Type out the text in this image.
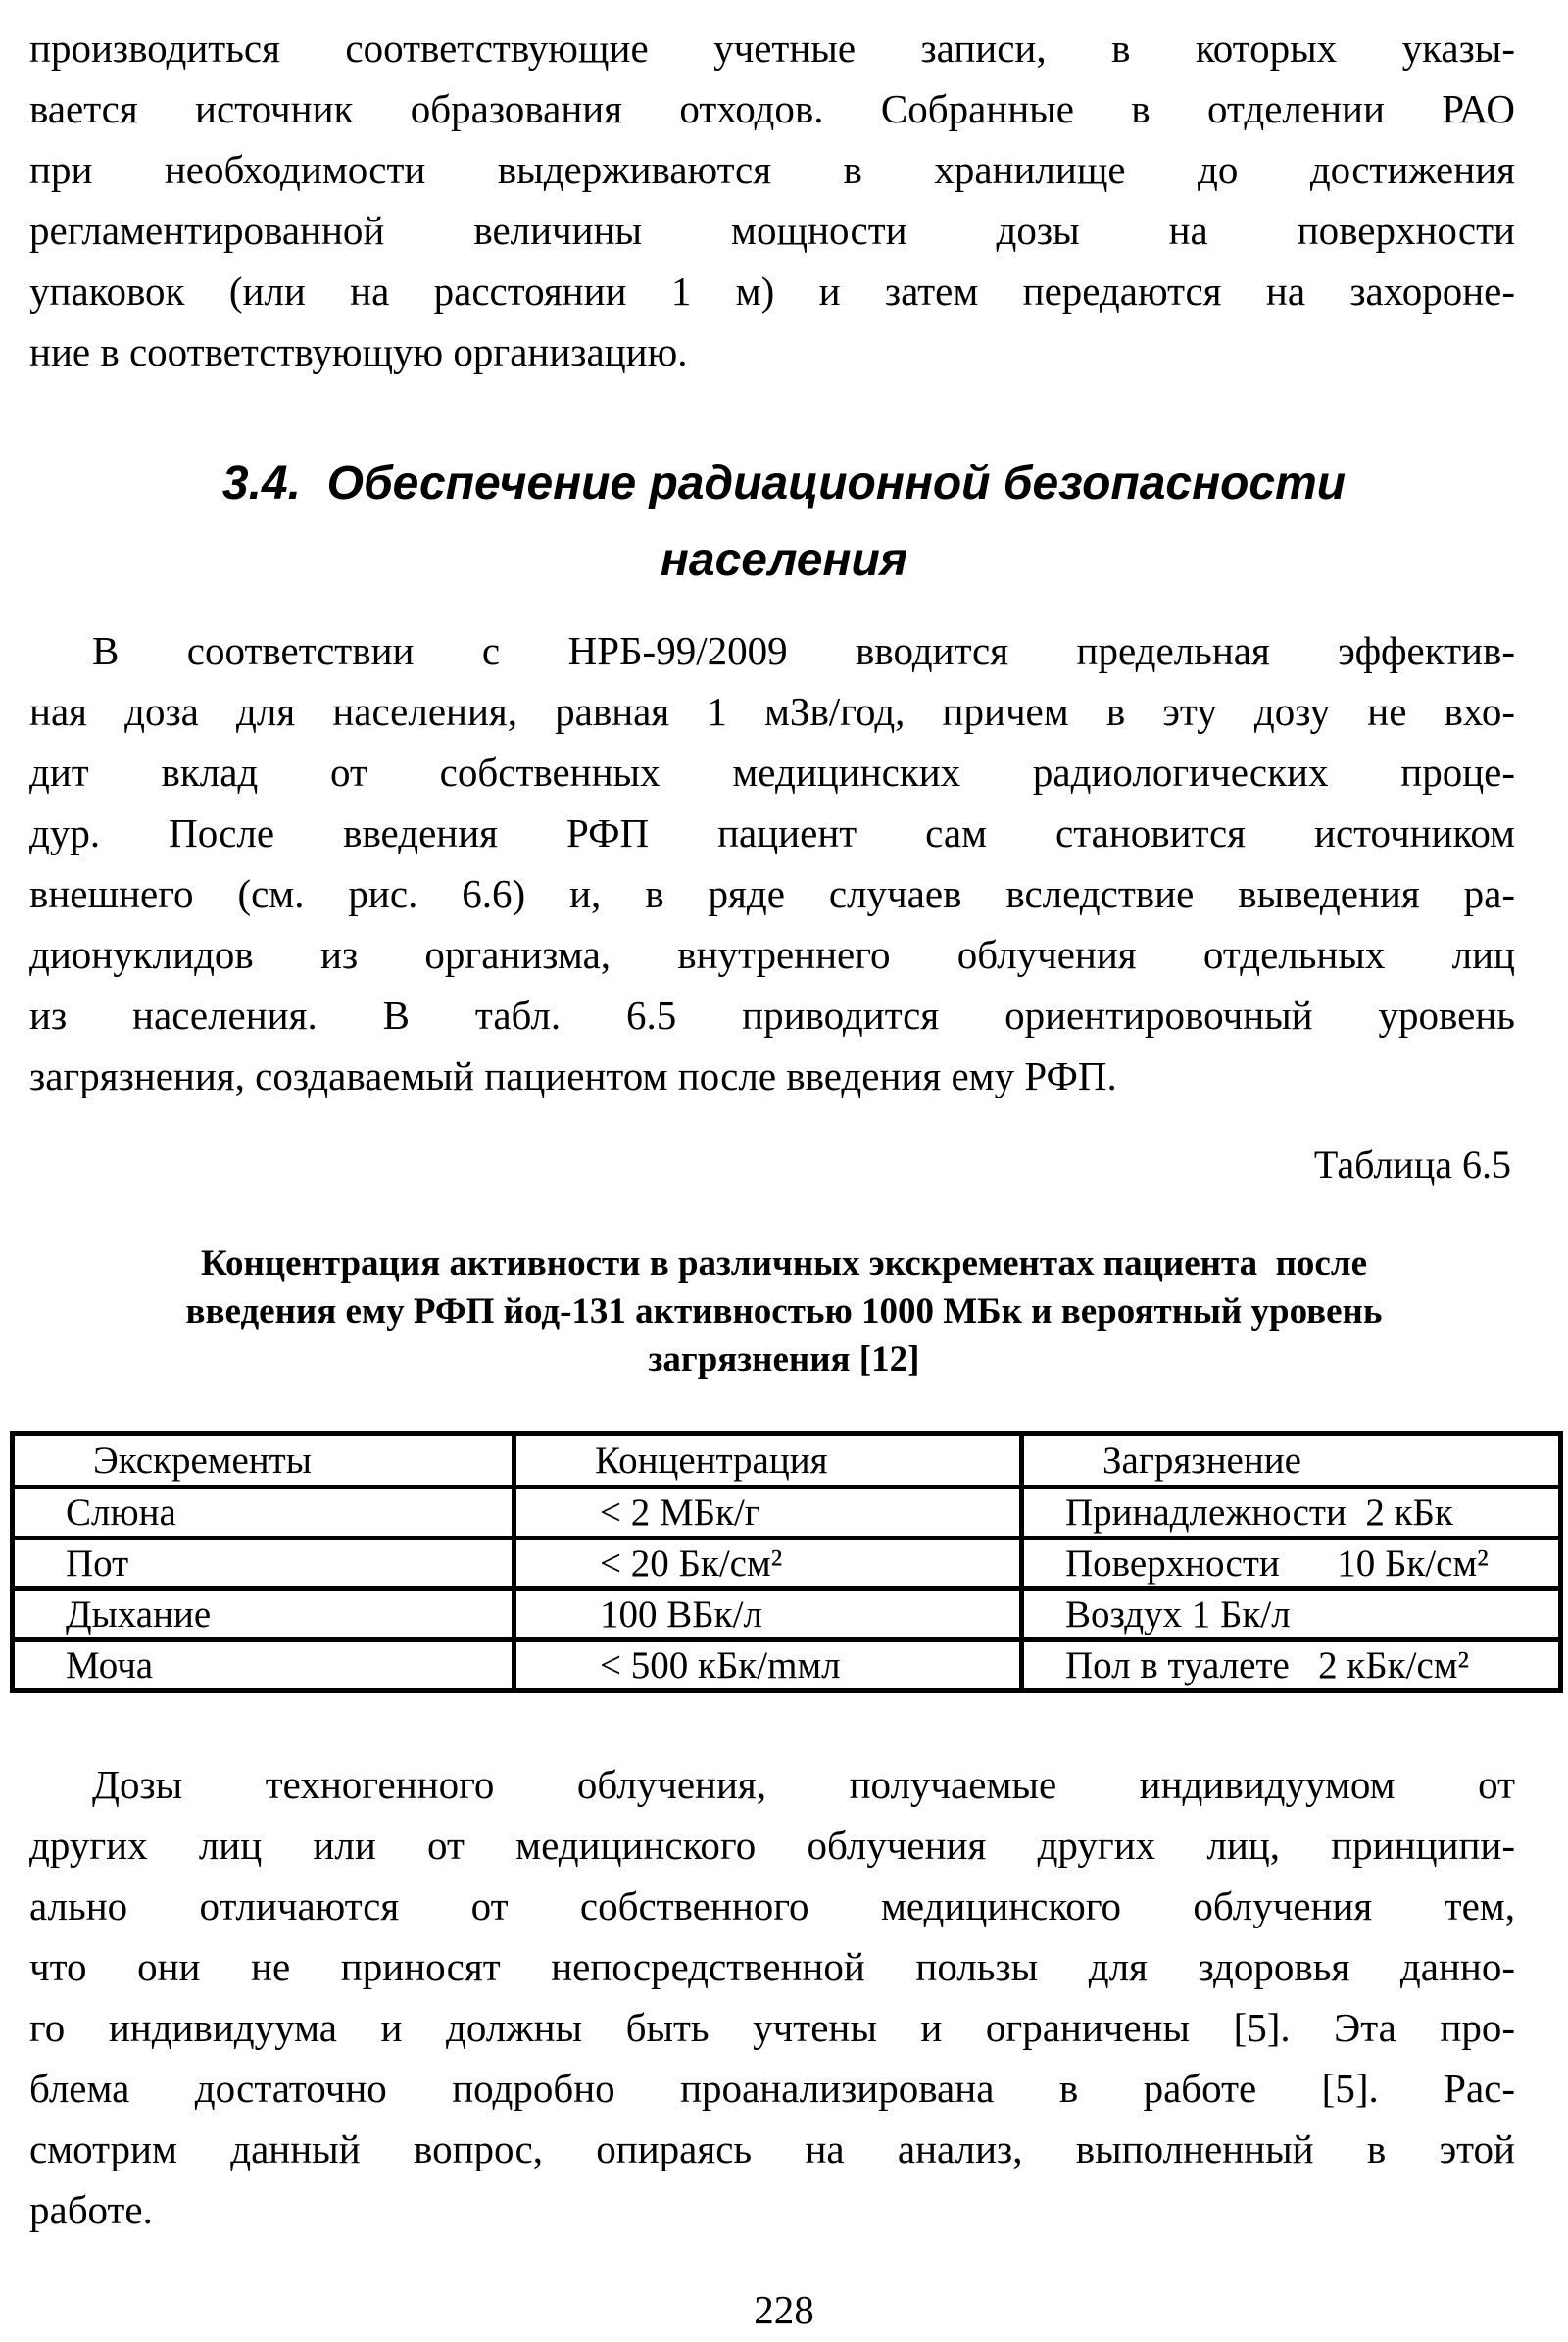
производиться соответствующие учетные записи, в которых указы-
вается источник образования отходов. Собранные в отделении РАО
при необходимости выдерживаются в хранилище до достижения
регламентированной величины мощности дозы на поверхности
упаковок (или на расстоянии 1 м) и затем передаются на захороне-
ние в соответствующую организацию.
3.4.  Обеспечение радиационной безопасности
населения
В соответствии с НРБ-99/2009 вводится предельная эффектив-
ная доза для населения, равная 1 мЗв/год, причем в эту дозу не вхо-
дит вклад от собственных медицинских радиологических проце-
дур. После введения РФП пациент сам становится источником
внешнего (см. рис. 6.6) и, в ряде случаев вследствие выведения ра-
дионуклидов из организма, внутреннего облучения отдельных лиц
из населения. В табл. 6.5 приводится ориентировочный уровень
загрязнения, создаваемый пациентом после введения ему РФП.
Таблица 6.5
Концентрация активности в различных экскрементах пациента  после
введения ему РФП йод-131 активностью 1000 МБк и вероятный уровень
загрязнения [12]
Экскременты	Концентрация	Загрязнение
Слюна	< 2 МБк/г	Принадлежности  2 кБк
Пот	< 20 Бк/см²	Поверхности      10 Бк/см²
Дыхание	100 ВБк/л	Воздух 1 Бк/л
Моча	< 500 кБк/mмл	Пол в туалете   2 кБк/см²
Дозы техногенного облучения, получаемые индивидуумом от
других лиц или от медицинского облучения других лиц, принципи-
ально отличаются от собственного медицинского облучения тем,
что они не приносят непосредственной пользы для здоровья данно-
го индивидуума и должны быть учтены и ограничены [5]. Эта про-
блема достаточно подробно проанализирована в работе [5]. Рас-
смотрим данный вопрос, опираясь на анализ, выполненный в этой
работе.
228
